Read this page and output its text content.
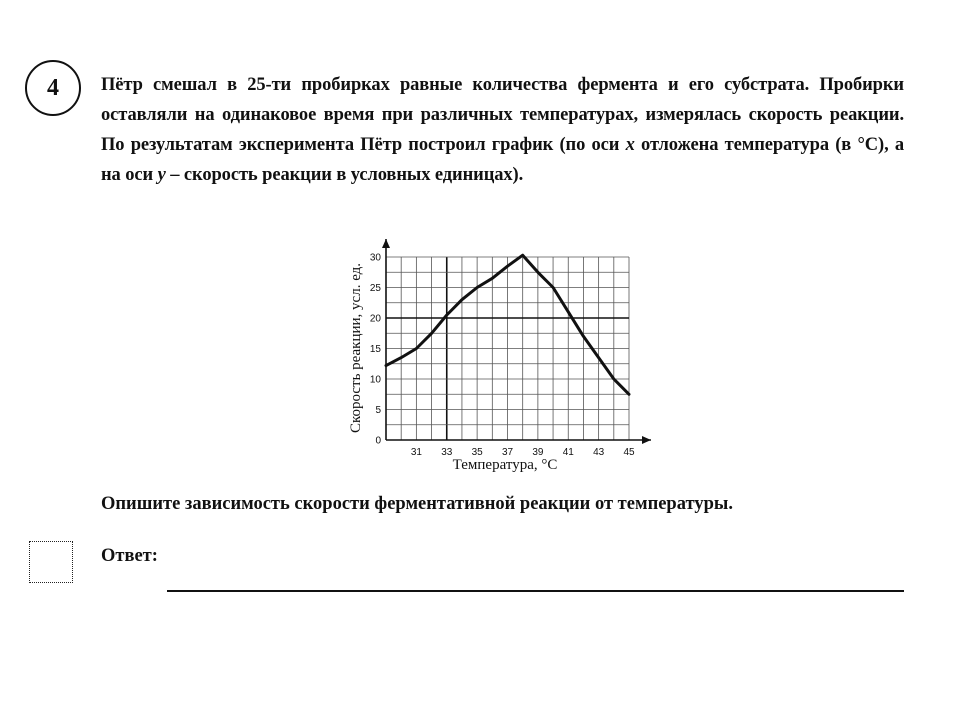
4 Пётр смешал в 25-ти пробирках равные количества фермента и его субстрата. Пробирки оставляли на одинаковое время при различных температурах, измерялась скорость реакции. По результатам эксперимента Пётр построил график (по оси x отложена температура (в °С), а на оси y – скорость реакции в условных единицах).
31 33 35 37 39 41 43 45
0
5
10
15
20
25
30
Температура, °С
Скорость реакции, усл. ед.
Опишите зависимость скорости ферментативной реакции от температуры.
Ответ:
